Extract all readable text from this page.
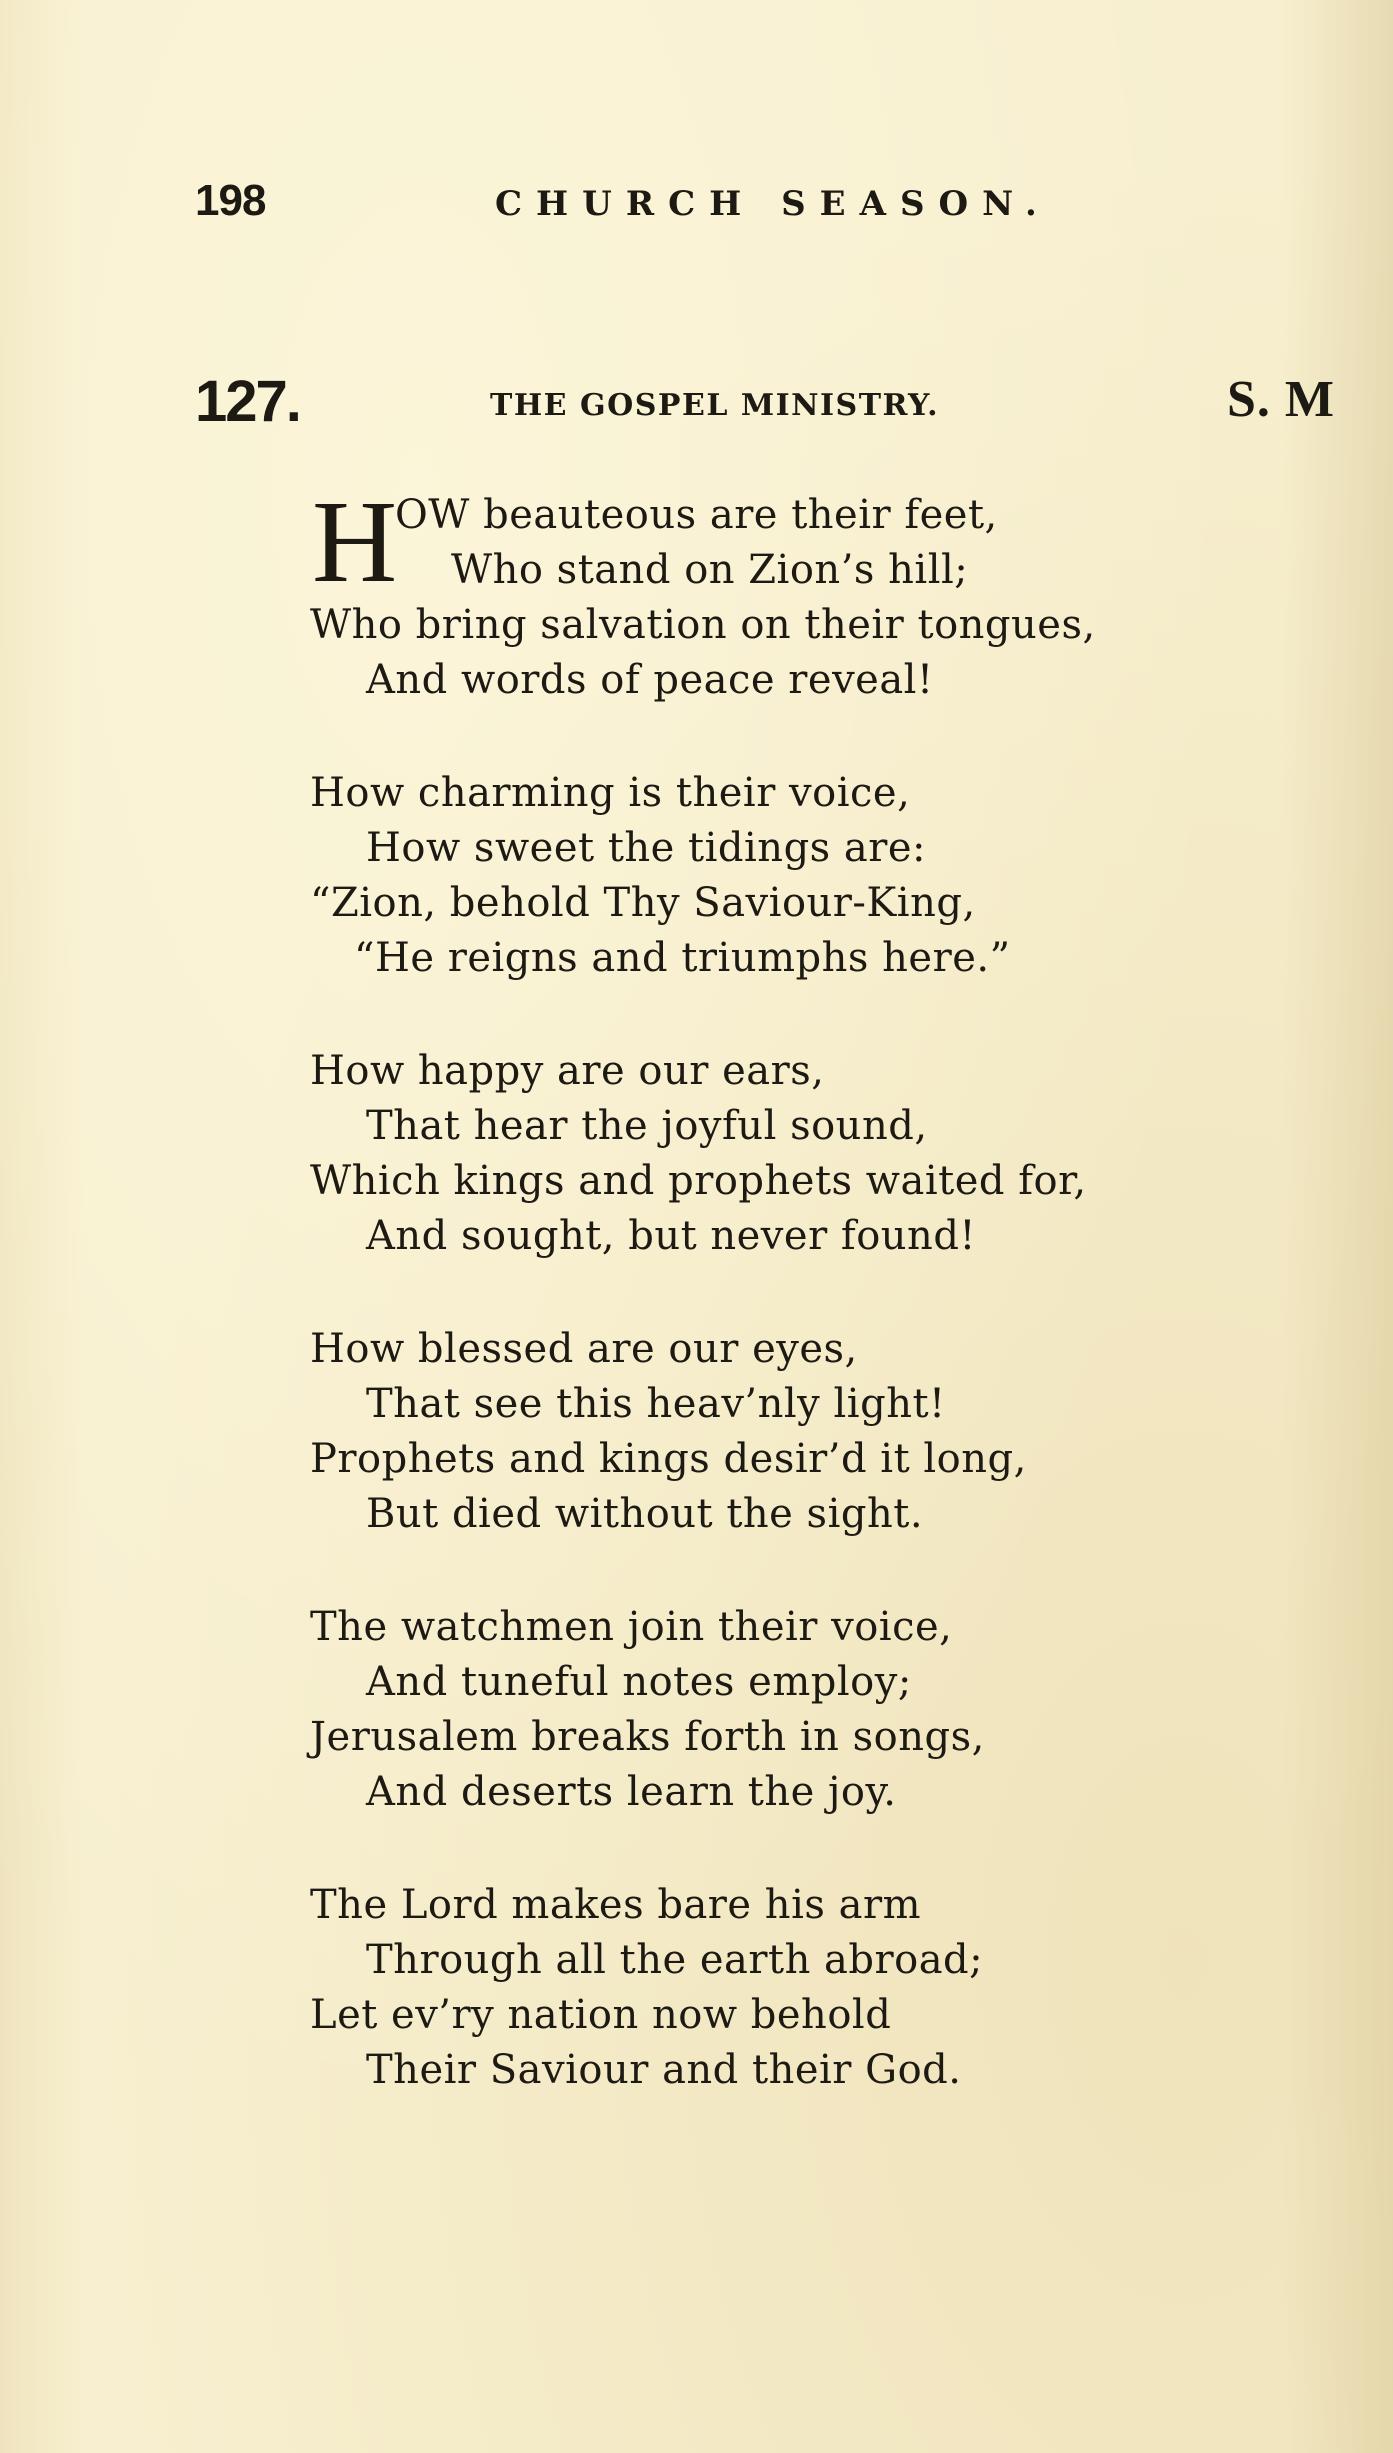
198	CHURCH SEASON.
127.	THE GOSPEL MINISTRY.	S. M
H
OW beauteous are their feet,
Who stand on Zion’s hill;
Who bring salvation on their tongues,
And words of peace reveal!
How charming is their voice,
How sweet the tidings are:
“Zion, behold Thy Saviour-King,
“He reigns and triumphs here.”
How happy are our ears,
That hear the joyful sound,
Which kings and prophets waited for,
And sought, but never found!
How blessed are our eyes,
That see this heav’nly light!
Prophets and kings desir’d it long,
But died without the sight.
The watchmen join their voice,
And tuneful notes employ;
Jerusalem breaks forth in songs,
And deserts learn the joy.
The Lord makes bare his arm
Through all the earth abroad;
Let ev’ry nation now behold
Their Saviour and their God.
